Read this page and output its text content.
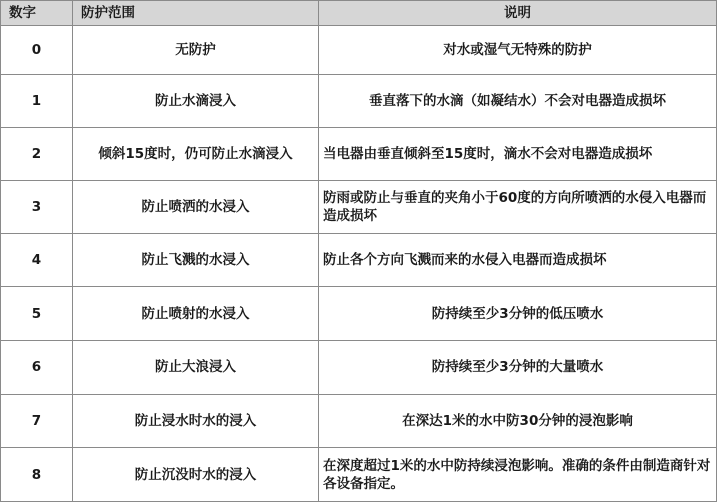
数字	防护范围	说明
0	无防护	对水或湿气无特殊的防护
1	防止水滴浸入	垂直落下的水滴（如凝结水）不会对电器造成损坏
2	倾斜15度时，仍可防止水滴浸入	当电器由垂直倾斜至15度时，滴水不会对电器造成损坏
3	防止喷洒的水浸入	防雨或防止与垂直的夹角小于60度的方向所喷洒的水侵入电器而造成损坏
4	防止飞溅的水浸入	防止各个方向飞溅而来的水侵入电器而造成损坏
5	防止喷射的水浸入	防持续至少3分钟的低压喷水
6	防止大浪浸入	防持续至少3分钟的大量喷水
7	防止浸水时水的浸入	在深达1米的水中防30分钟的浸泡影响
8	防止沉没时水的浸入	在深度超过1米的水中防持续浸泡影响。准确的条件由制造商针对各设备指定。
